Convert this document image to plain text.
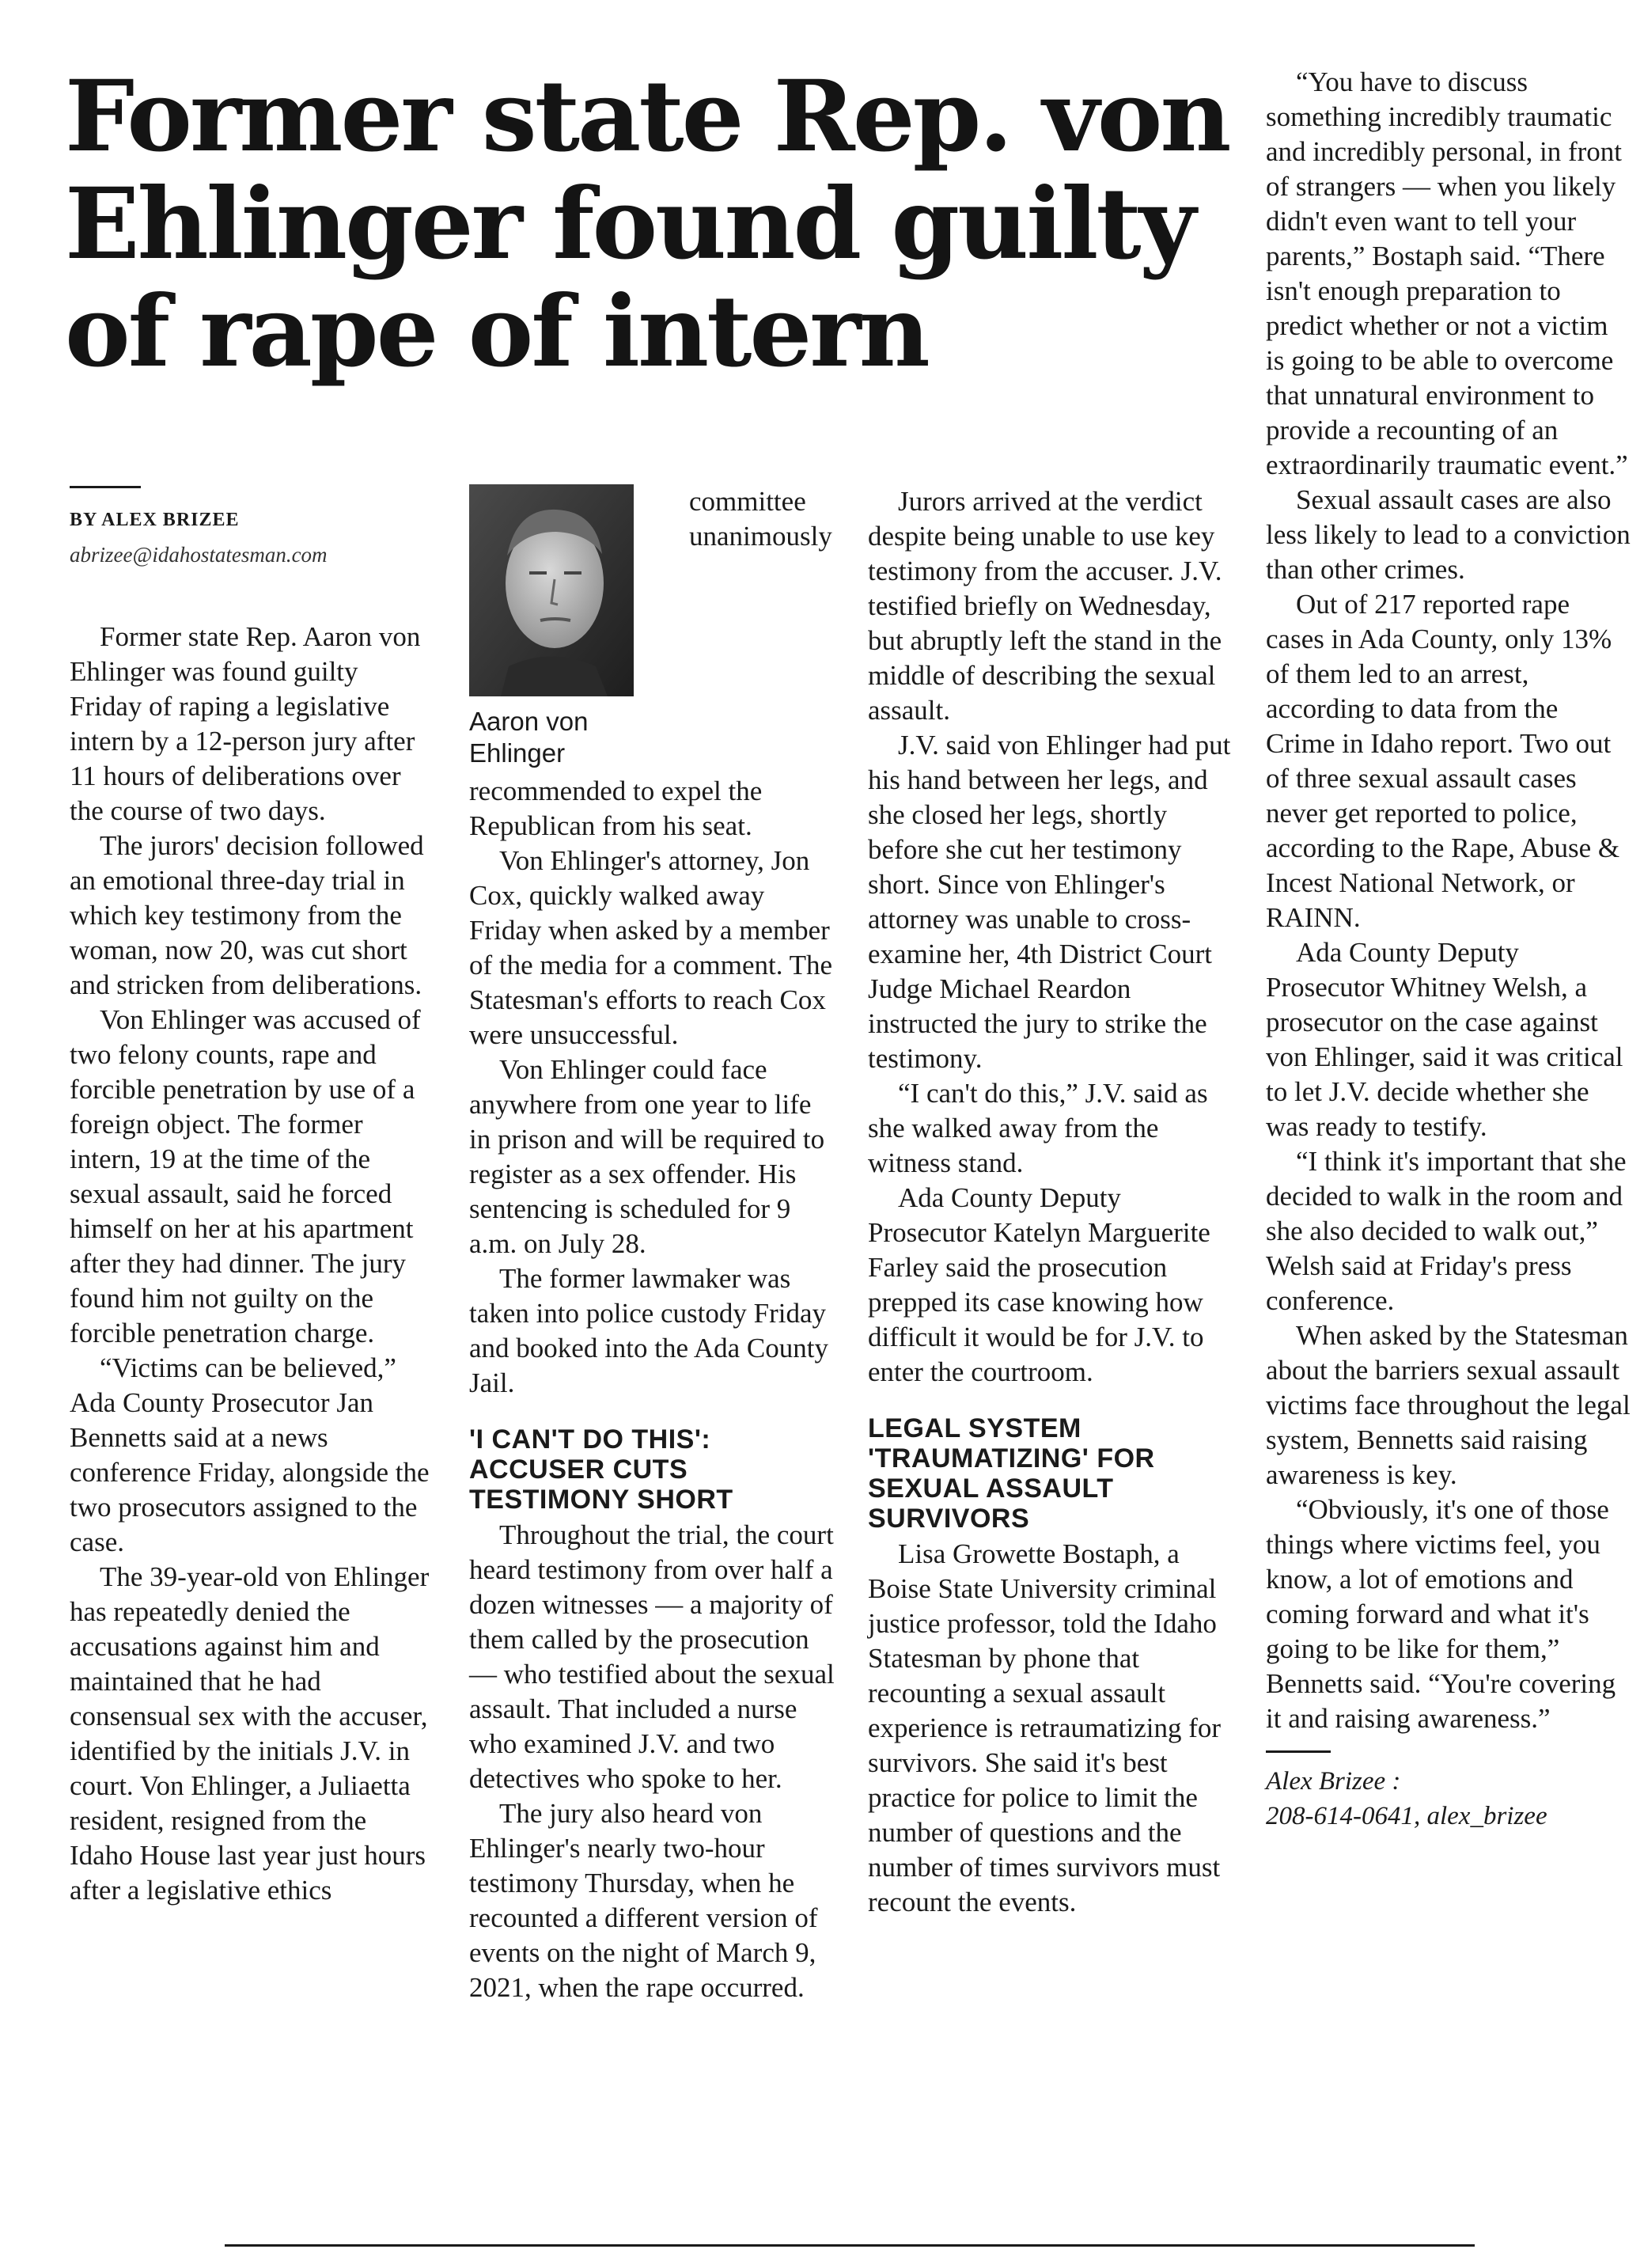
Former state Rep. von Ehlinger found guilty of rape of intern
BY ALEX BRIZEE
abrizee@idahostatesman.com

Former state Rep. Aaron von Ehlinger was found guilty Friday of raping a legislative intern by a 12-person jury after 11 hours of deliberations over the course of two days.

The jurors' decision followed an emotional three-day trial in which key testimony from the woman, now 20, was cut short and stricken from deliberations.

Von Ehlinger was accused of two felony counts, rape and forcible penetration by use of a foreign object. The former intern, 19 at the time of the sexual assault, said he forced himself on her at his apartment after they had dinner. The jury found him not guilty on the forcible penetration charge.

“Victims can be believed,” Ada County Prosecutor Jan Bennetts said at a news conference Friday, alongside the two prosecutors assigned to the case.

The 39-year-old von Ehlinger has repeatedly denied the accusations against him and maintained that he had consensual sex with the accuser, identified by the initials J.V. in court. Von Ehlinger, a Juliaetta resident, resigned from the Idaho House last year just hours after a legislative ethics

Aaron von Ehlinger

committee unanimously recommended to expel the Republican from his seat.

Von Ehlinger's attorney, Jon Cox, quickly walked away Friday when asked by a member of the media for a comment. The Statesman's efforts to reach Cox were unsuccessful.

Von Ehlinger could face anywhere from one year to life in prison and will be required to register as a sex offender. His sentencing is scheduled for 9 a.m. on July 28.

The former lawmaker was taken into police custody Friday and booked into the Ada County Jail.

'I CAN'T DO THIS': ACCUSER CUTS TESTIMONY SHORT

Throughout the trial, the court heard testimony from over half a dozen witnesses — a majority of them called by the prosecution — who testified about the sexual assault. That included a nurse who examined J.V. and two detectives who spoke to her.

The jury also heard von Ehlinger's nearly two-hour testimony Thursday, when he recounted a different version of events on the night of March 9, 2021, when the rape occurred.

Jurors arrived at the verdict despite being unable to use key testimony from the accuser. J.V. testified briefly on Wednesday, but abruptly left the stand in the middle of describing the sexual assault.

J.V. said von Ehlinger had put his hand between her legs, and she closed her legs, shortly before she cut her testimony short. Since von Ehlinger's attorney was unable to cross-examine her, 4th District Court Judge Michael Reardon instructed the jury to strike the testimony.

“I can't do this,” J.V. said as she walked away from the witness stand.

Ada County Deputy Prosecutor Katelyn Marguerite Farley said the prosecution prepped its case knowing how difficult it would be for J.V. to enter the courtroom.

LEGAL SYSTEM 'TRAUMATIZING' FOR SEXUAL ASSAULT SURVIVORS

Lisa Growette Bostaph, a Boise State University criminal justice professor, told the Idaho Statesman by phone that recounting a sexual assault experience is retraumatizing for survivors. She said it's best practice for police to limit the number of questions and the number of times survivors must recount the events.

“You have to discuss something incredibly traumatic and incredibly personal, in front of strangers — when you likely didn't even want to tell your parents,” Bostaph said. “There isn't enough preparation to predict whether or not a victim is going to be able to overcome that unnatural environment to provide a recounting of an extraordinarily traumatic event.”

Sexual assault cases are also less likely to lead to a conviction than other crimes.

Out of 217 reported rape cases in Ada County, only 13% of them led to an arrest, according to data from the Crime in Idaho report. Two out of three sexual assault cases never get reported to police, according to the Rape, Abuse & Incest National Network, or RAINN.

Ada County Deputy Prosecutor Whitney Welsh, a prosecutor on the case against von Ehlinger, said it was critical to let J.V. decide whether she was ready to testify.

“I think it's important that she decided to walk in the room and she also decided to walk out,” Welsh said at Friday's press conference.

When asked by the Statesman about the barriers sexual assault victims face throughout the legal system, Bennetts said raising awareness is key.

“Obviously, it's one of those things where victims feel, you know, a lot of emotions and coming forward and what it's going to be like for them,” Bennetts said. “You're covering it and raising awareness.”

Alex Brizee :
208-614-0641, alex_brizee
